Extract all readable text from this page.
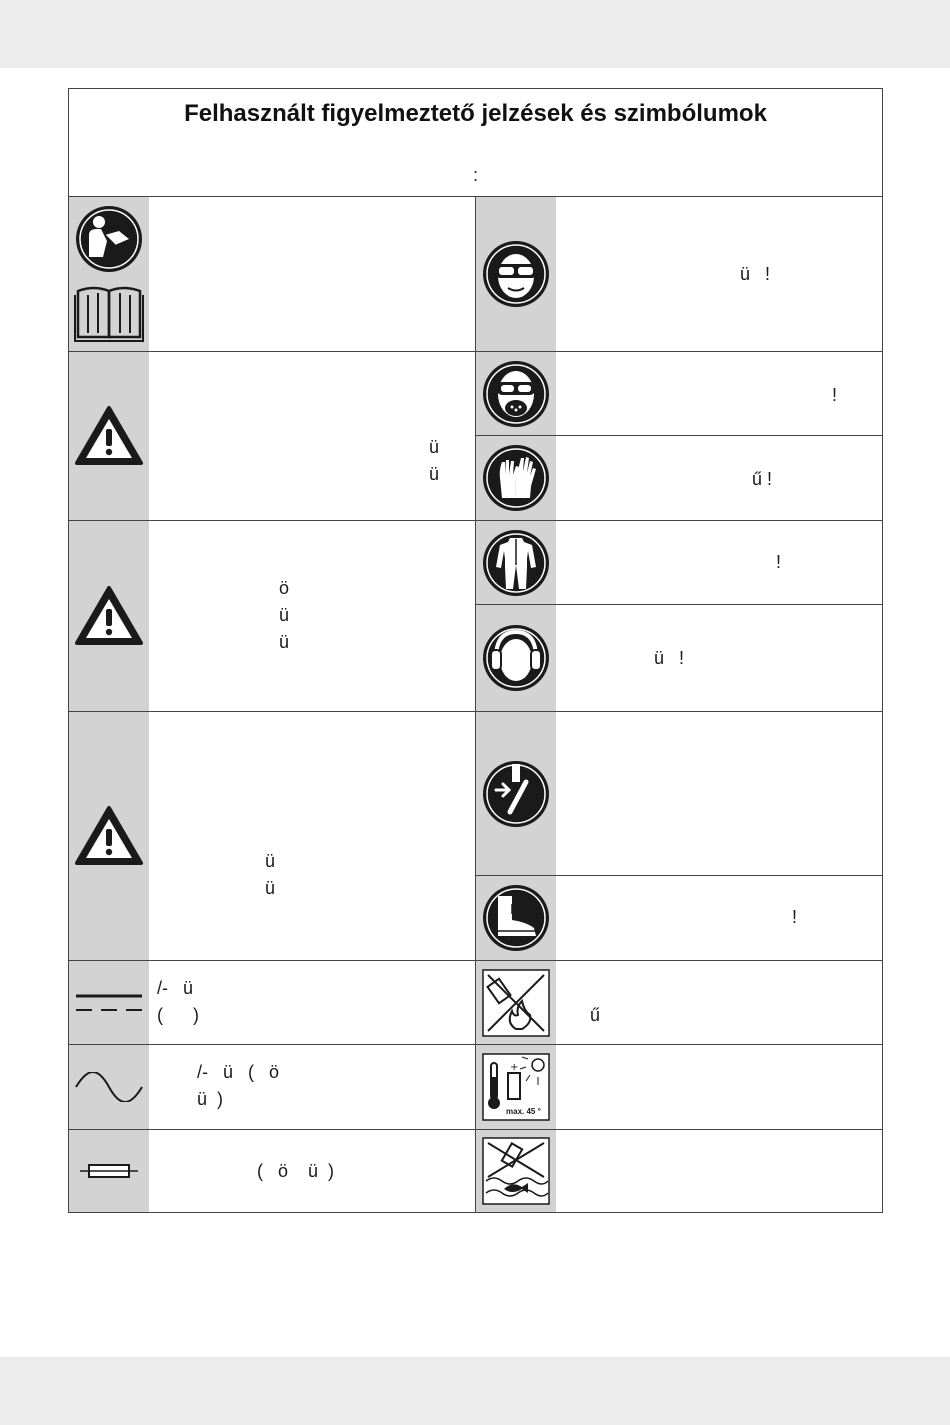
Felhasznált figyelmeztető jelzések és szimbólumok
:
ü
ü
ö
ü
ü
ü
ü
/-   ü
(      )
/-   ü   (   ö
ü  )
(   ö    ü  )
ü   !
!
ű !
!
ü   !
!
ű
+
max. 45 °
